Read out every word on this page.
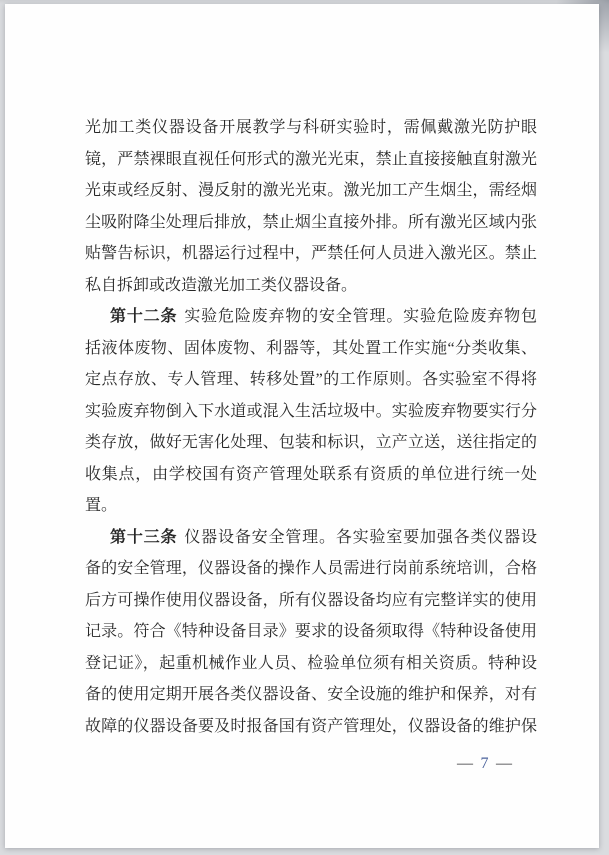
光加工类仪器设备开展教学与科研实验时，需佩戴激光防护眼
镜，严禁裸眼直视任何形式的激光光束，禁止直接接触直射激光
光束或经反射、漫反射的激光光束。激光加工产生烟尘，需经烟
尘吸附降尘处理后排放，禁止烟尘直接外排。所有激光区域内张
贴警告标识，机器运行过程中，严禁任何人员进入激光区。禁止
私自拆卸或改造激光加工类仪器设备。
第十二条 实验危险废弃物的安全管理。实验危险废弃物包
括液体废物、固体废物、利器等，其处置工作实施“分类收集、
定点存放、专人管理、转移处置”的工作原则。各实验室不得将
实验废弃物倒入下水道或混入生活垃圾中。实验废弃物要实行分
类存放，做好无害化处理、包装和标识，立产立送，送往指定的
收集点，由学校国有资产管理处联系有资质的单位进行统一处
置。
第十三条 仪器设备安全管理。各实验室要加强各类仪器设
备的安全管理，仪器设备的操作人员需进行岗前系统培训，合格
后方可操作使用仪器设备，所有仪器设备均应有完整详实的使用
记录。符合《特种设备目录》要求的设备须取得《特种设备使用
登记证》，起重机械作业人员、检验单位须有相关资质。特种设
备的使用定期开展各类仪器设备、安全设施的维护和保养，对有
故障的仪器设备要及时报备国有资产管理处，仪器设备的维护保
— 7 —
